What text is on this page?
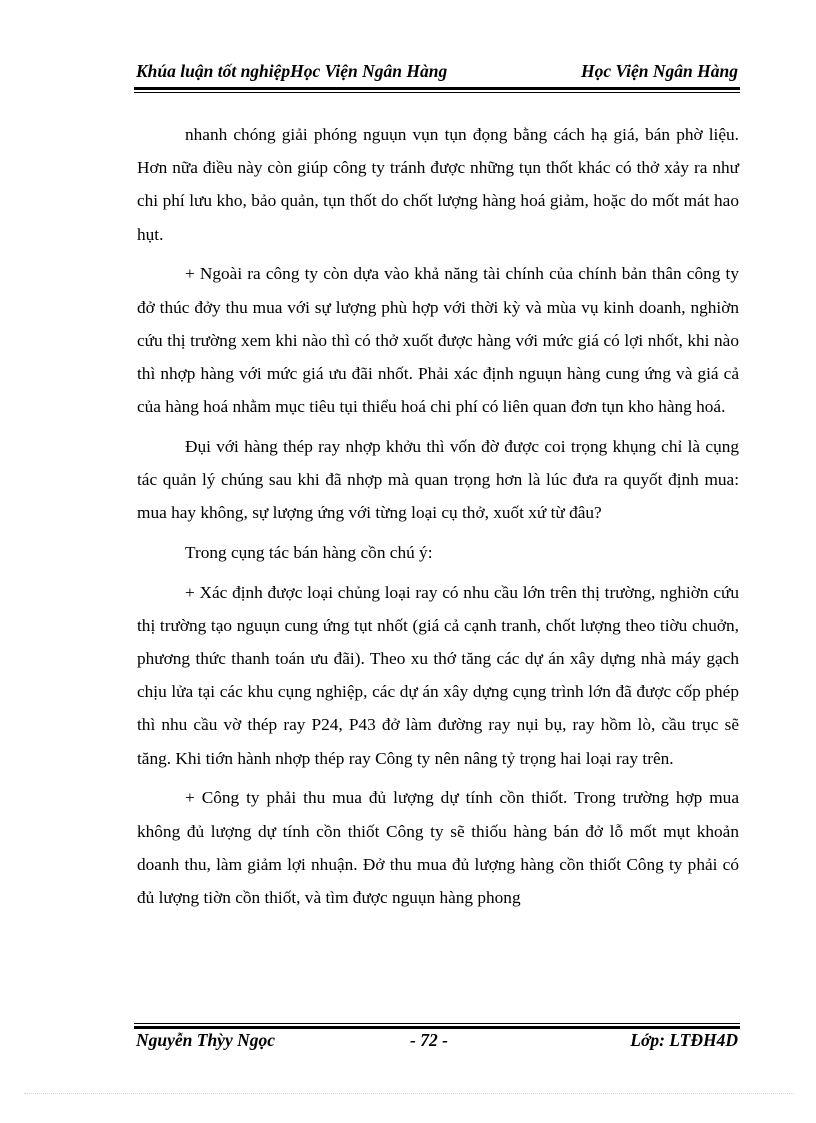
Khúa luận tốt nghiệpHọc Viện Ngân Hàng	Học Viện Ngân Hàng

nhanh chóng giải phóng nguụn vụn tụn đọng bằng cách hạ giá, bán phờ liệu. Hơn nữa điều này còn giúp công ty tránh được những tụn thốt khác có thở xảy ra như chi phí lưu kho, bảo quản, tụn thốt do chốt lượng hàng hoá giảm, hoặc do mốt mát hao hụt.

+ Ngoài ra công ty còn dựa vào khả năng tài chính của chính bản thân công ty đở thúc đởy thu mua với sự lượng phù hợp với thời kỳ và mùa vụ kinh doanh, nghiờn cứu thị trường xem khi nào thì có thở xuốt được hàng với mức giá có lợi nhốt, khi nào thì nhợp hàng với mức giá ưu đãi nhốt. Phải xác định nguụn hàng cung ứng và giá cả của hàng hoá nhằm mục tiêu tụi thiểu hoá chi phí có liên quan đơn tụn kho hàng hoá.

Đụi với hàng thép ray nhợp khởu thì vốn đờ được coi trọng khụng chỉ là cụng tác quản lý chúng sau khi đã nhợp mà quan trọng hơn là lúc đưa ra quyốt định mua: mua hay không, sự lượng ứng với từng loại cụ thở, xuốt xứ từ đâu?

Trong cụng tác bán hàng cồn chú ý:

+ Xác định được loại chủng loại ray có nhu cầu lớn trên thị trường, nghiờn cứu thị trường tạo nguụn cung ứng tụt nhốt (giá cả cạnh tranh, chốt lượng theo tiờu chuởn, phương thức thanh toán ưu đãi). Theo xu thớ tăng các dự án xây dựng nhà máy gạch chịu lửa tại các khu cụng nghiệp, các dự án xây dựng cụng trình lớn đã được cốp phép thì nhu cầu vờ thép ray P24, P43 đở làm đường ray nụi bụ, ray hồm lò, cầu trục sẽ tăng. Khi tiớn hành nhợp thép ray Công ty nên nâng tỷ trọng hai loại ray trên.

+ Công ty phải thu mua đủ lượng dự tính cồn thiốt. Trong trường hợp mua không đủ lượng dự tính cồn thiốt Công ty sẽ thiốu hàng bán đở lỗ mốt mụt khoản doanh thu, làm giảm lợi nhuận. Đở thu mua đủ lượng hàng cồn thiốt Công ty phải có đủ lượng tiờn cồn thiốt, và tìm được nguụn hàng phong

Nguyễn Thỳy Ngọc	- 72 -	Lớp: LTĐH4D
